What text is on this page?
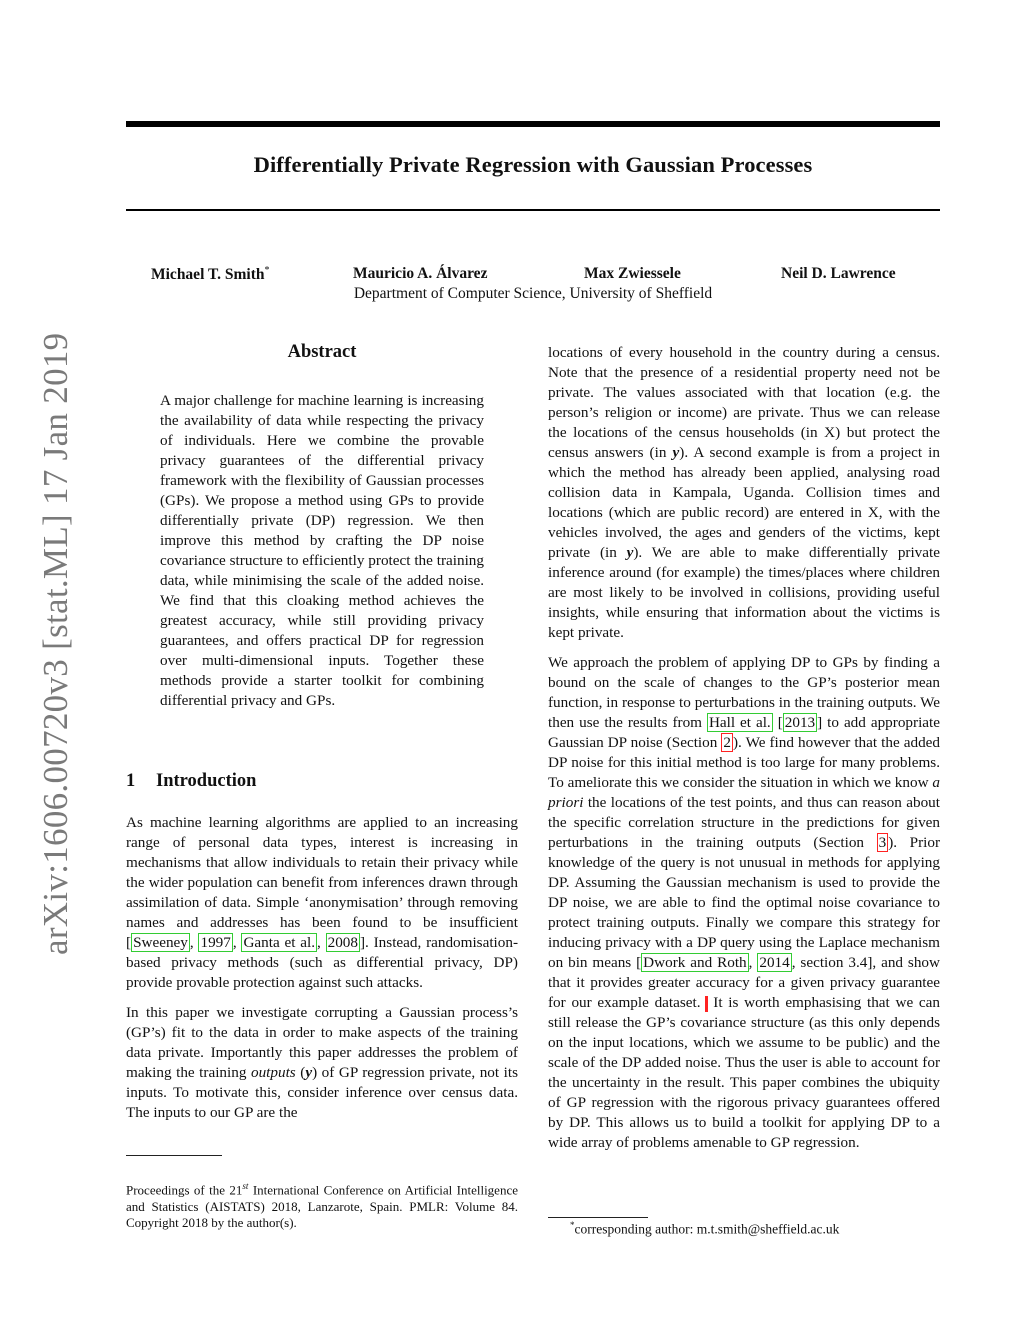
Differentially Private Regression with Gaussian Processes
Michael T. Smith*	Mauricio A. Álvarez	Max Zwiessele	Neil D. Lawrence
Department of Computer Science, University of Sheffield
arXiv:1606.00720v3 [stat.ML] 17 Jan 2019	Abstract
A major challenge for machine learning is increasing the availability of data while respecting the privacy of individuals. Here we combine the provable privacy guarantees of the differential privacy framework with the flexibility of Gaussian processes (GPs). We propose a method using GPs to provide differentially private (DP) regression. We then improve this method by crafting the DP noise covariance structure to efficiently protect the training data, while minimising the scale of the added noise. We find that this cloaking method achieves the greatest accuracy, while still providing privacy guarantees, and offers practical DP for regression over multi-dimensional inputs. Together these methods provide a starter toolkit for combining differential privacy and GPs.
1 Introduction

As machine learning algorithms are applied to an increasing range of personal data types, interest is increasing in mechanisms that allow individuals to retain their privacy while the wider population can benefit from inferences drawn through assimilation of data. Simple ‘anonymisation’ through removing names and addresses has been found to be insufficient [ Sweeney , 1997 , Ganta et al. , 2008 ]. Instead, randomisation-based privacy methods (such as differential privacy, DP) provide provable protection against such attacks.

In this paper we investigate corrupting a Gaussian process’s (GP’s) fit to the data in order to make aspects of the training data private. Importantly this paper addresses the problem of making the training outputs (y) of GP regression private, not its inputs. To motivate this, consider inference over census data. The inputs to our GP are the

locations of every household in the country during a census. Note that the presence of a residential property need not be private. The values associated with that location (e.g. the person’s religion or income) are private. Thus we can release the locations of the census households (in X) but protect the census answers (in y). A second example is from a project in which the method has already been applied, analysing road collision data in Kampala, Uganda. Collision times and locations (which are public record) are entered in X, with the vehicles involved, the ages and genders of the victims, kept private (in y). We are able to make differentially private inference around (for example) the times/places where children are most likely to be involved in collisions, providing useful insights, while ensuring that information about the victims is kept private.

We approach the problem of applying DP to GPs by finding a bound on the scale of changes to the GP’s posterior mean function, in response to perturbations in the training outputs. We then use the results from Hall et al. [ 2013 ] to add appropriate Gaussian DP noise (Section 2 ). We find however that the added DP noise for this initial method is too large for many problems. To ameliorate this we consider the situation in which we know a priori the locations of the test points, and thus can reason about the specific correlation structure in the predictions for given perturbations in the training outputs (Section 3 ). Prior knowledge of the query is not unusual in methods for applying DP. Assuming the Gaussian mechanism is used to provide the DP noise, we are able to find the optimal noise covariance to protect training outputs. Finally we compare this strategy for inducing privacy with a DP query using the Laplace mechanism on bin means [ Dwork and Roth , 2014 , section 3.4], and show that it provides greater accuracy for a given privacy guarantee for our example dataset. It is worth emphasising that we can still release the GP’s covariance structure (as this only depends on the input locations, which we assume to be public) and the scale of the DP added noise. Thus the user is able to account for the uncertainty in the result. This paper combines the ubiquity of GP regression with the rigorous privacy guarantees offered by DP. This allows us to build a toolkit for applying DP to a wide array of problems amenable to GP regression.

Proceedings of the 21st International Conference on Artificial Intelligence and Statistics (AISTATS) 2018, Lanzarote, Spain. PMLR: Volume 84. Copyright 2018 by the author(s).	*corresponding author: m.t.smith@sheffield.ac.uk
